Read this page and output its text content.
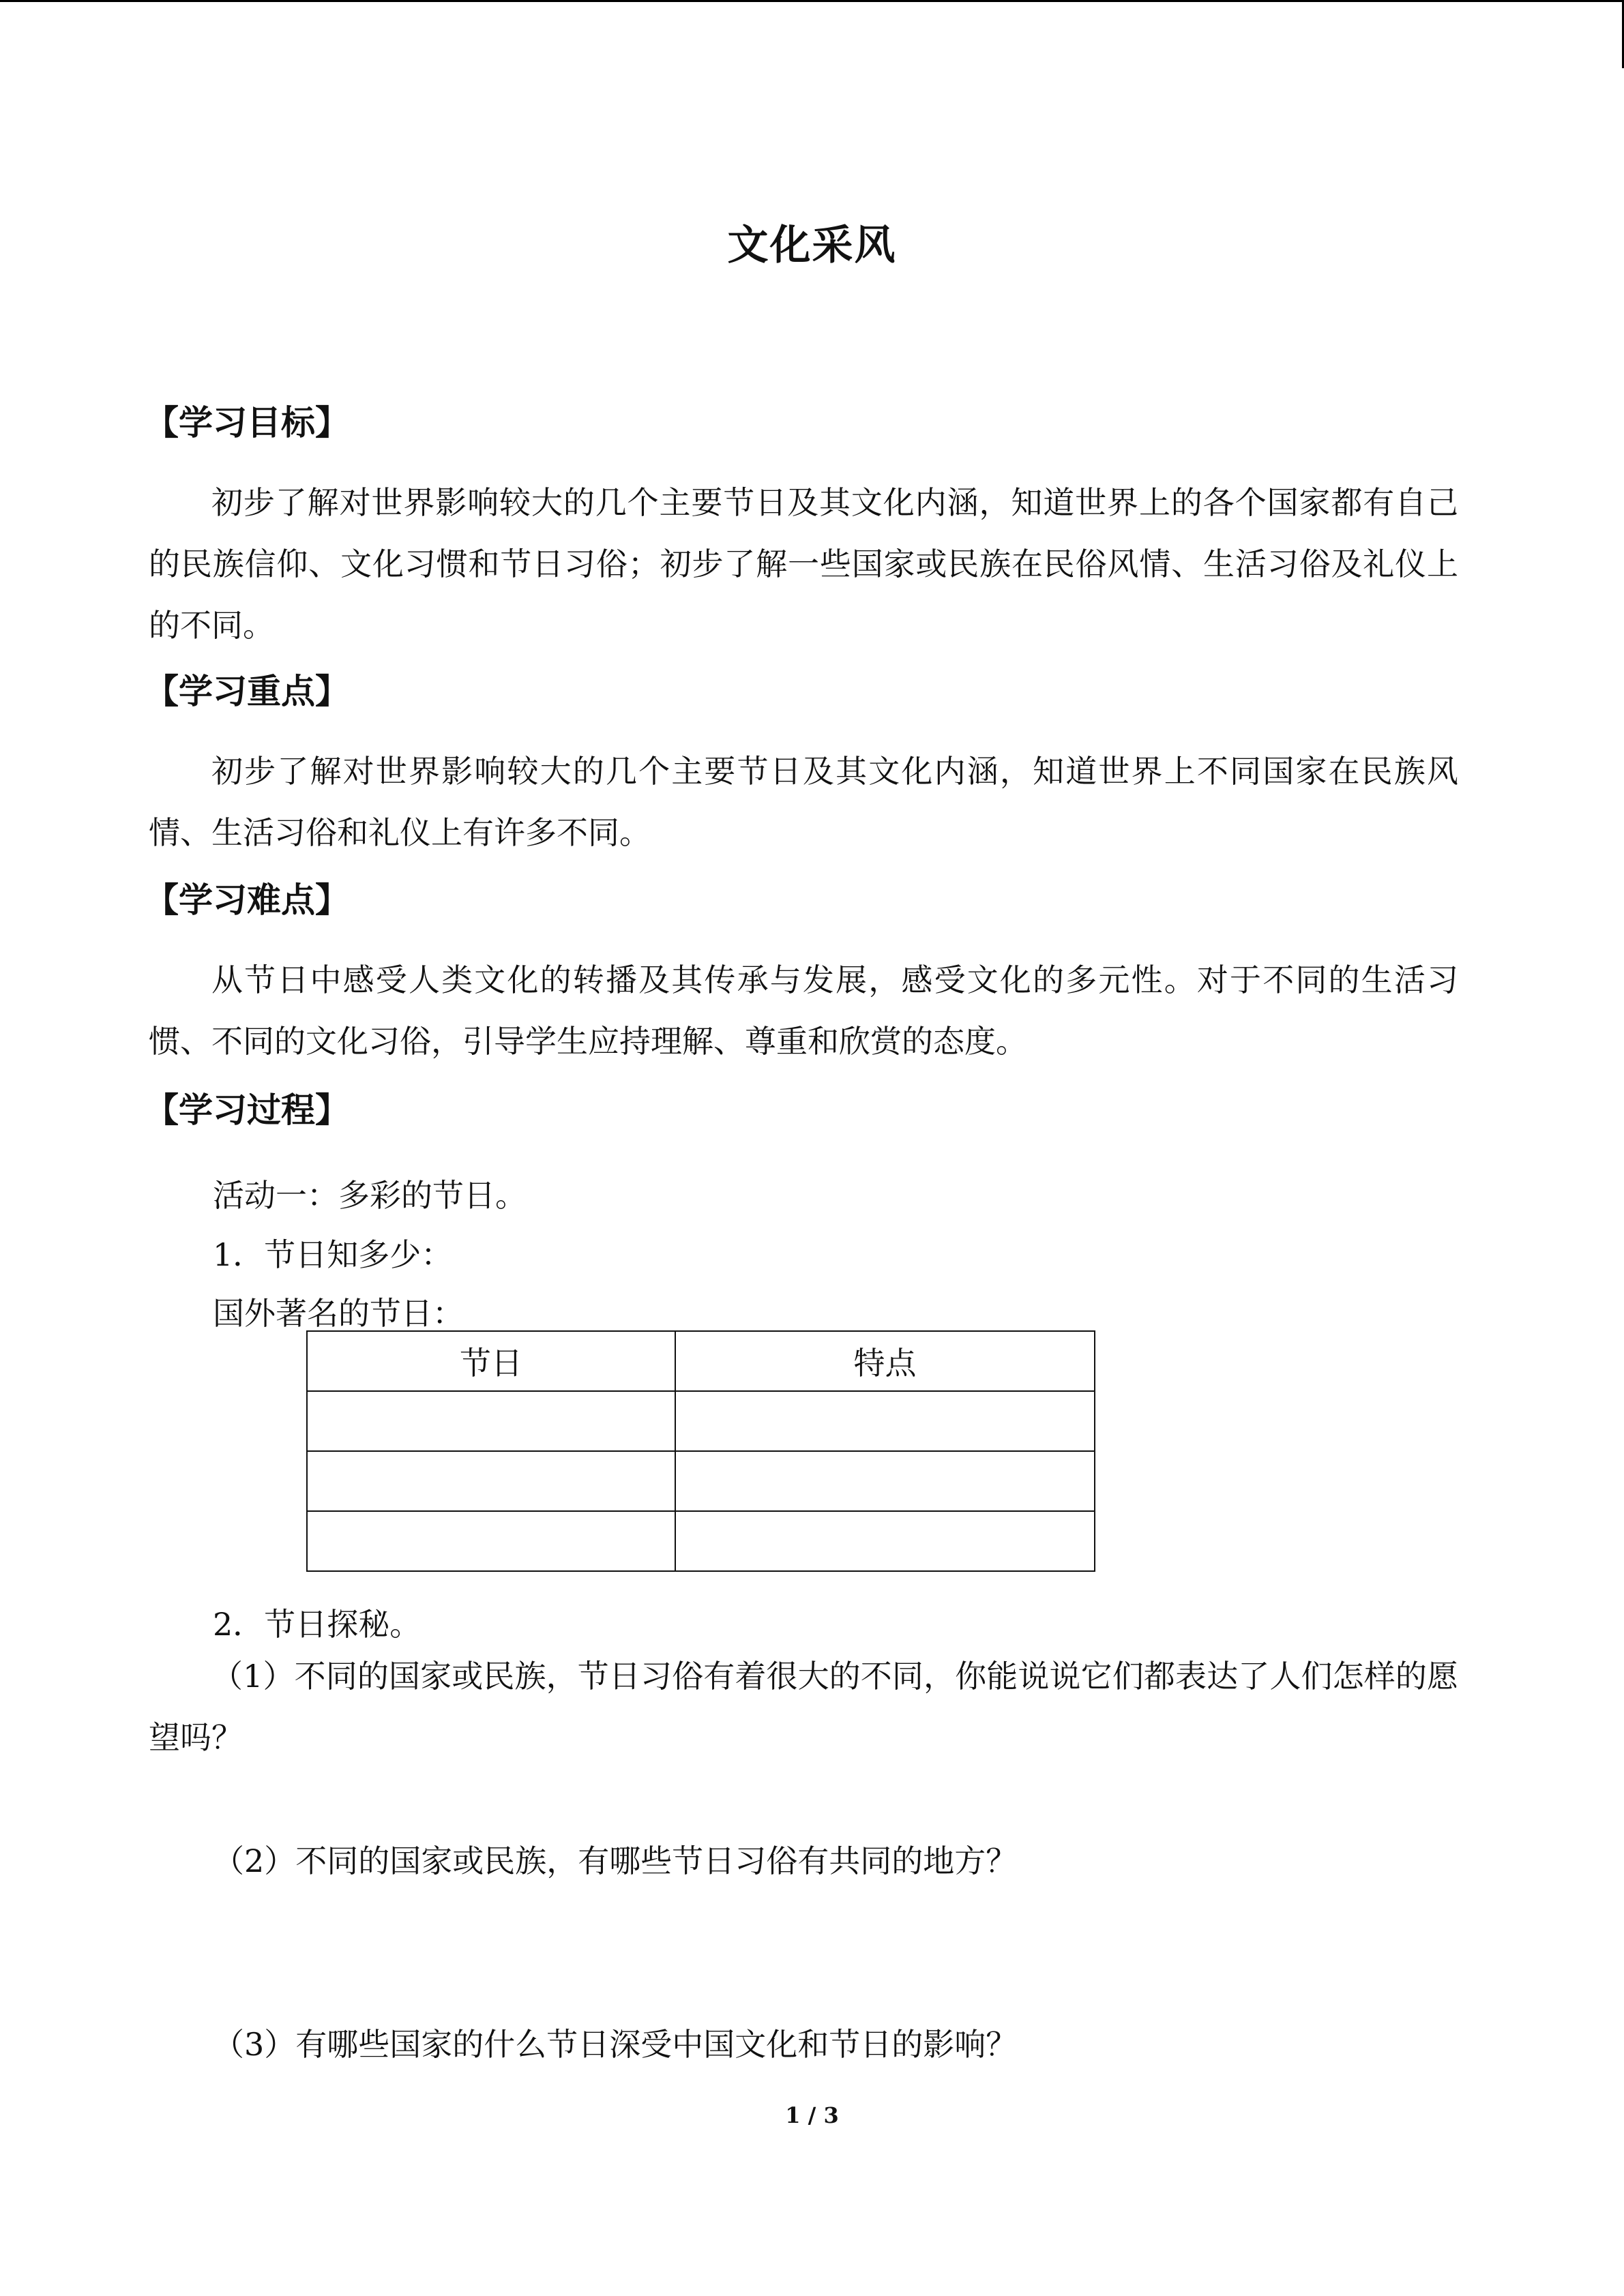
文化采风
【学习目标】
初步了解对世界影响较大的几个主要节日及其文化内涵，知道世界上的各个国家都有自己的民族信仰、文化习惯和节日习俗；初步了解一些国家或民族在民俗风情、生活习俗及礼仪上的不同。
【学习重点】
初步了解对世界影响较大的几个主要节日及其文化内涵，知道世界上不同国家在民族风情、生活习俗和礼仪上有许多不同。
【学习难点】
从节日中感受人类文化的转播及其传承与发展，感受文化的多元性。对于不同的生活习惯、不同的文化习俗，引导学生应持理解、尊重和欣赏的态度。
【学习过程】
活动一：多彩的节日。
1．节日知多少：
国外著名的节日：
节日	特点

2．节日探秘。
（1）不同的国家或民族，节日习俗有着很大的不同，你能说说它们都表达了人们怎样的愿望吗？
（2）不同的国家或民族，有哪些节日习俗有共同的地方？
（3）有哪些国家的什么节日深受中国文化和节日的影响？
1 / 3
